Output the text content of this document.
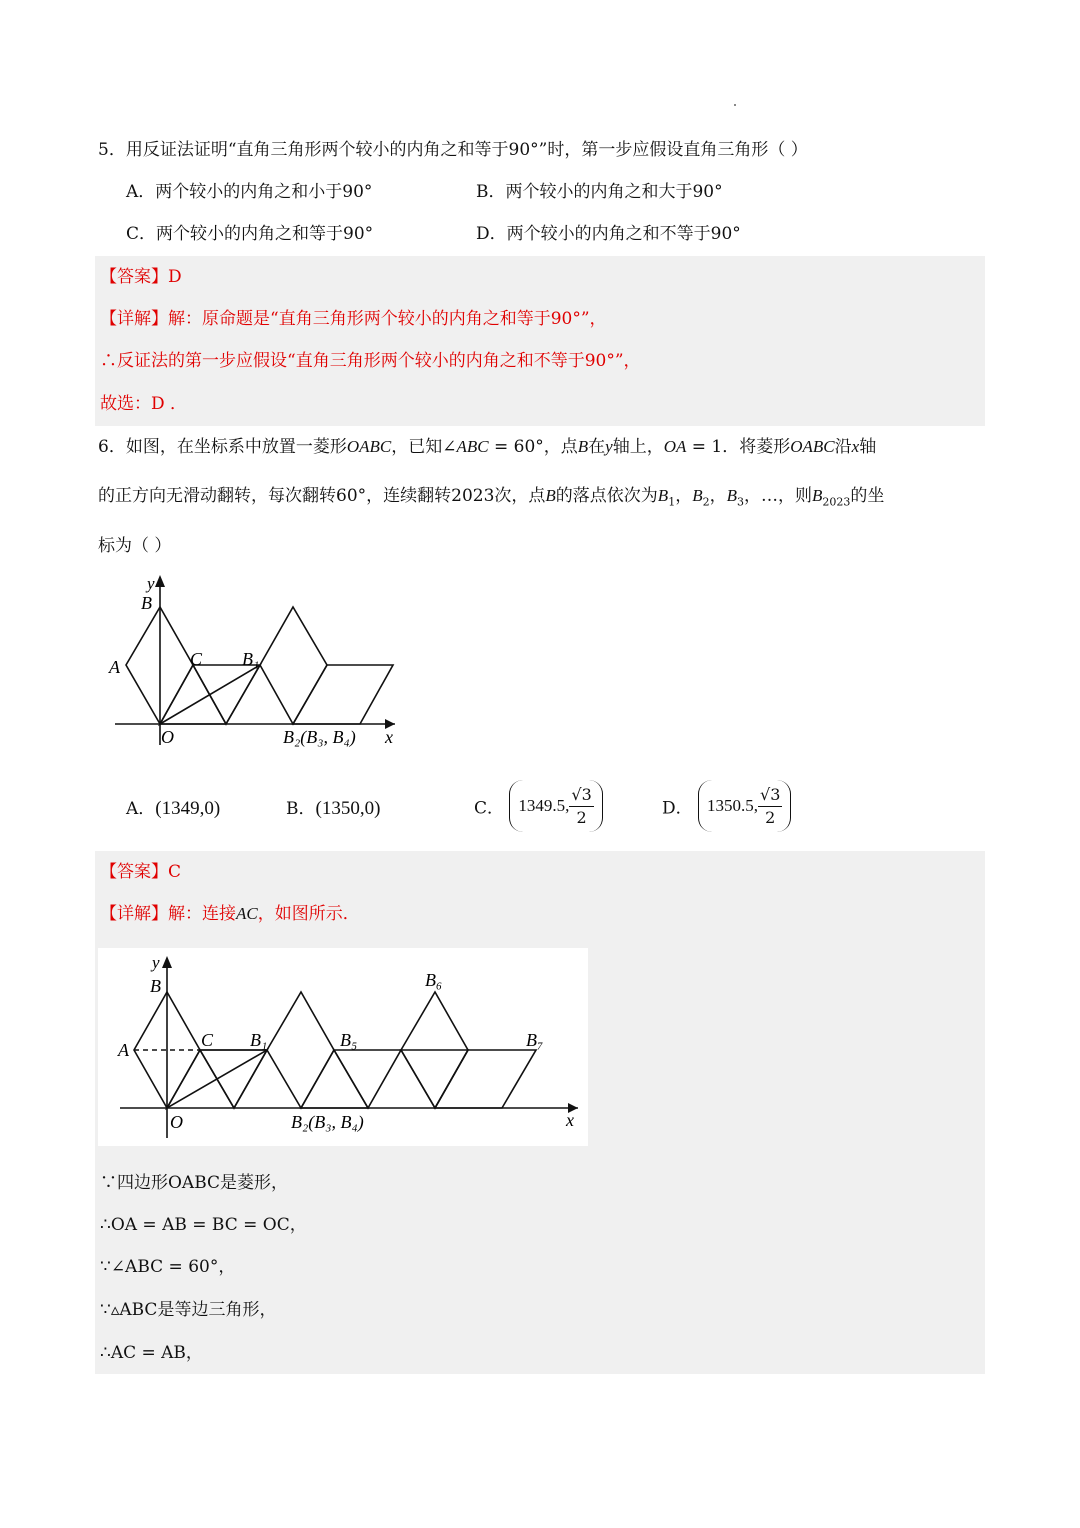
5．用反证法证明“直角三角形两个较小的内角之和等于90°”时，第一步应假设直角三角形（ ）
A．两个较小的内角之和小于90°	B．两个较小的内角之和大于90°
C．两个较小的内角之和等于90°	D．两个较小的内角之和不等于90°
【答案】D
【详解】解：原命题是“直角三角形两个较小的内角之和等于90°”，
∴反证法的第一步应假设“直角三角形两个较小的内角之和不等于90°”，
故选：D ．
6．如图，在坐标系中放置一菱形OABC，已知∠ABC = 60°，点B在y轴上，OA = 1．将菱形OABC沿x轴
的正方向无滑动翻转，每次翻转60°，连续翻转2023次，点B的落点依次为$B_1$，$B_2$，$B_3$，…，则$B_{2023}$的坐
标为（ ）
y
B
A	C B₁
O	B₂(B₃, B₄) x
A．(1349,0)	B．(1350,0)	C． 1349.5, $\frac{√3}{2}$	D． 1350.5, $\frac{√3}{2}$
【答案】C
【详解】解：连接AC，如图所示．
y
B
A	C B₁	B₅
B₆
B₇
O	B₂(B₃, B₄)	x
∵四边形OABC是菱形，
∴OA = AB = BC = OC，
∵∠ABC = 60°，
∵▵ABC是等边三角形，
∴AC = AB，
